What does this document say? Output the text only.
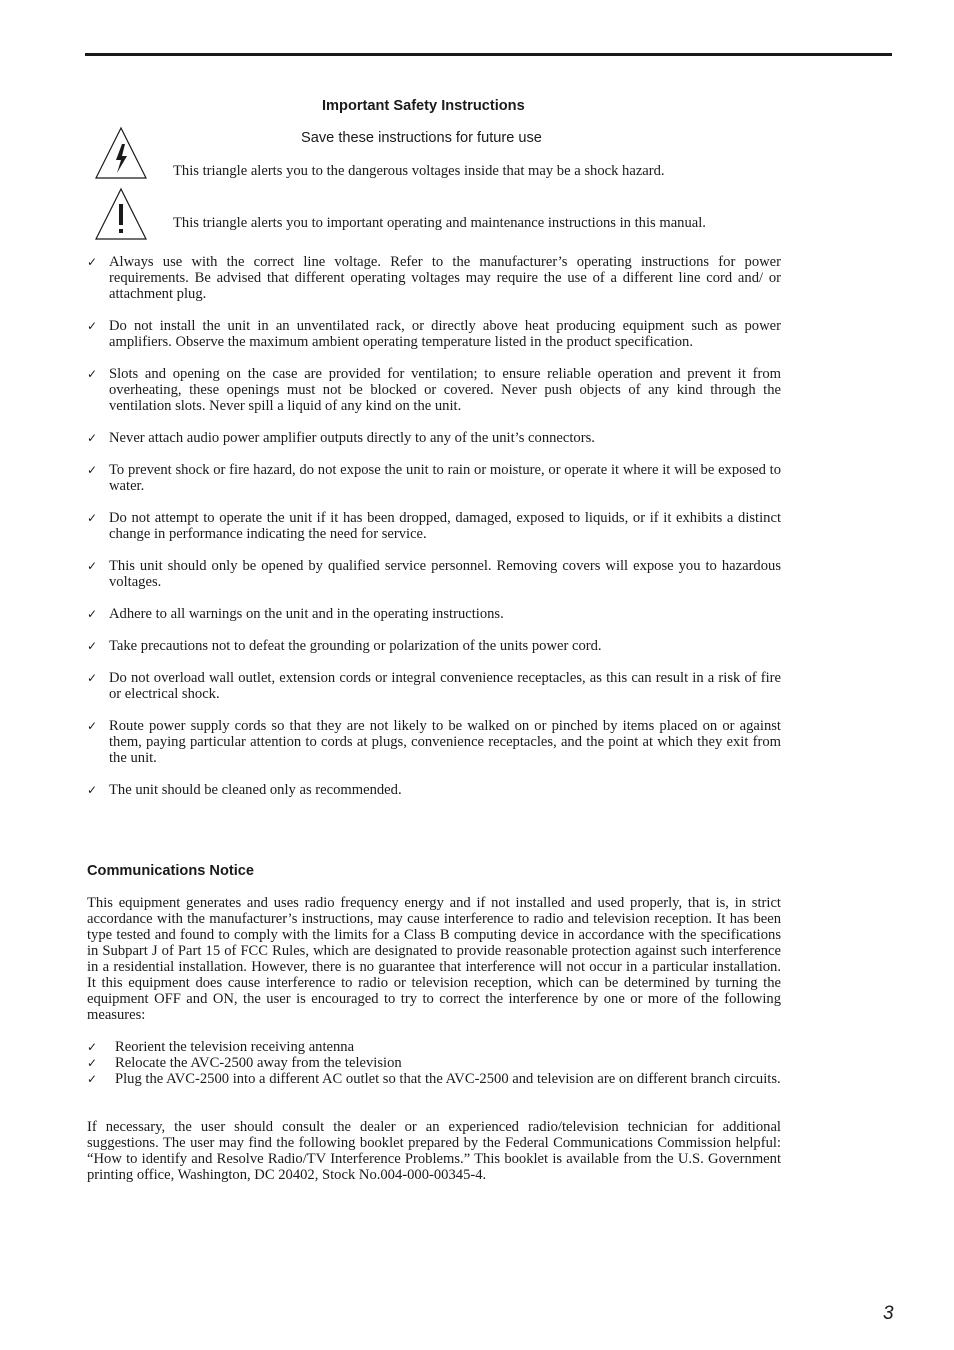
Important Safety Instructions
Save these instructions for future use
This triangle alerts you to the dangerous voltages inside that may be a shock hazard.
This triangle alerts you to important operating and maintenance instructions in this manual.
✓ Always use with the correct line voltage. Refer to the manufacturer’s operating instructions for power requirements. Be advised that different operating voltages may require the use of a different line cord and/ or attachment plug.
✓ Do not install the unit in an unventilated rack, or directly above heat producing equipment such as power amplifiers. Observe the maximum ambient operating temperature listed in the product specification.
✓ Slots and opening on the case are provided for ventilation; to ensure reliable operation and prevent it from overheating, these openings must not be blocked or covered. Never push objects of any kind through the ventilation slots. Never spill a liquid of any kind on the unit.
✓ Never attach audio power amplifier outputs directly to any of the unit’s connectors.
✓ To prevent shock or fire hazard, do not expose the unit to rain or moisture, or operate it where it will be exposed to water.
✓ Do not attempt to operate the unit if it has been dropped, damaged, exposed to liquids, or if it exhibits a distinct change in performance indicating the need for service.
✓ This unit should only be opened by qualified service personnel. Removing covers will expose you to hazardous voltages.
✓ Adhere to all warnings on the unit and in the operating instructions.
✓ Take precautions not to defeat the grounding or polarization of the units power cord.
✓ Do not overload wall outlet, extension cords or integral convenience receptacles, as this can result in a risk of fire or electrical shock.
✓ Route power supply cords so that they are not likely to be walked on or pinched by items placed on or against them, paying particular attention to cords at plugs, convenience receptacles, and the point at which they exit from the unit.
✓ The unit should be cleaned only as recommended.
Communications Notice

This equipment generates and uses radio frequency energy and if not installed and used properly, that is, in strict accordance with the manufacturer’s instructions, may cause interference to radio and television reception. It has been type tested and found to comply with the limits for a Class B computing device in accordance with the specifications in Subpart J of Part 15 of FCC Rules, which are designated to provide reasonable protection against such interference in a residential installation. However, there is no guarantee that interference will not occur in a particular installation. It this equipment does cause interference to radio or television reception, which can be determined by turning the equipment OFF and ON, the user is encouraged to try to correct the interference by one or more of the following measures:

✓ Reorient the television receiving antenna
✓ Relocate the AVC-2500 away from the television
✓ Plug the AVC-2500 into a different AC outlet so that the AVC-2500 and television are on different branch circuits.

If necessary, the user should consult the dealer or an experienced radio/television technician for additional suggestions. The user may find the following booklet prepared by the Federal Communications Commission helpful: “How to identify and Resolve Radio/TV Interference Problems.” This booklet is available from the U.S. Government printing office, Washington, DC 20402, Stock No.004-000-00345-4.

3
